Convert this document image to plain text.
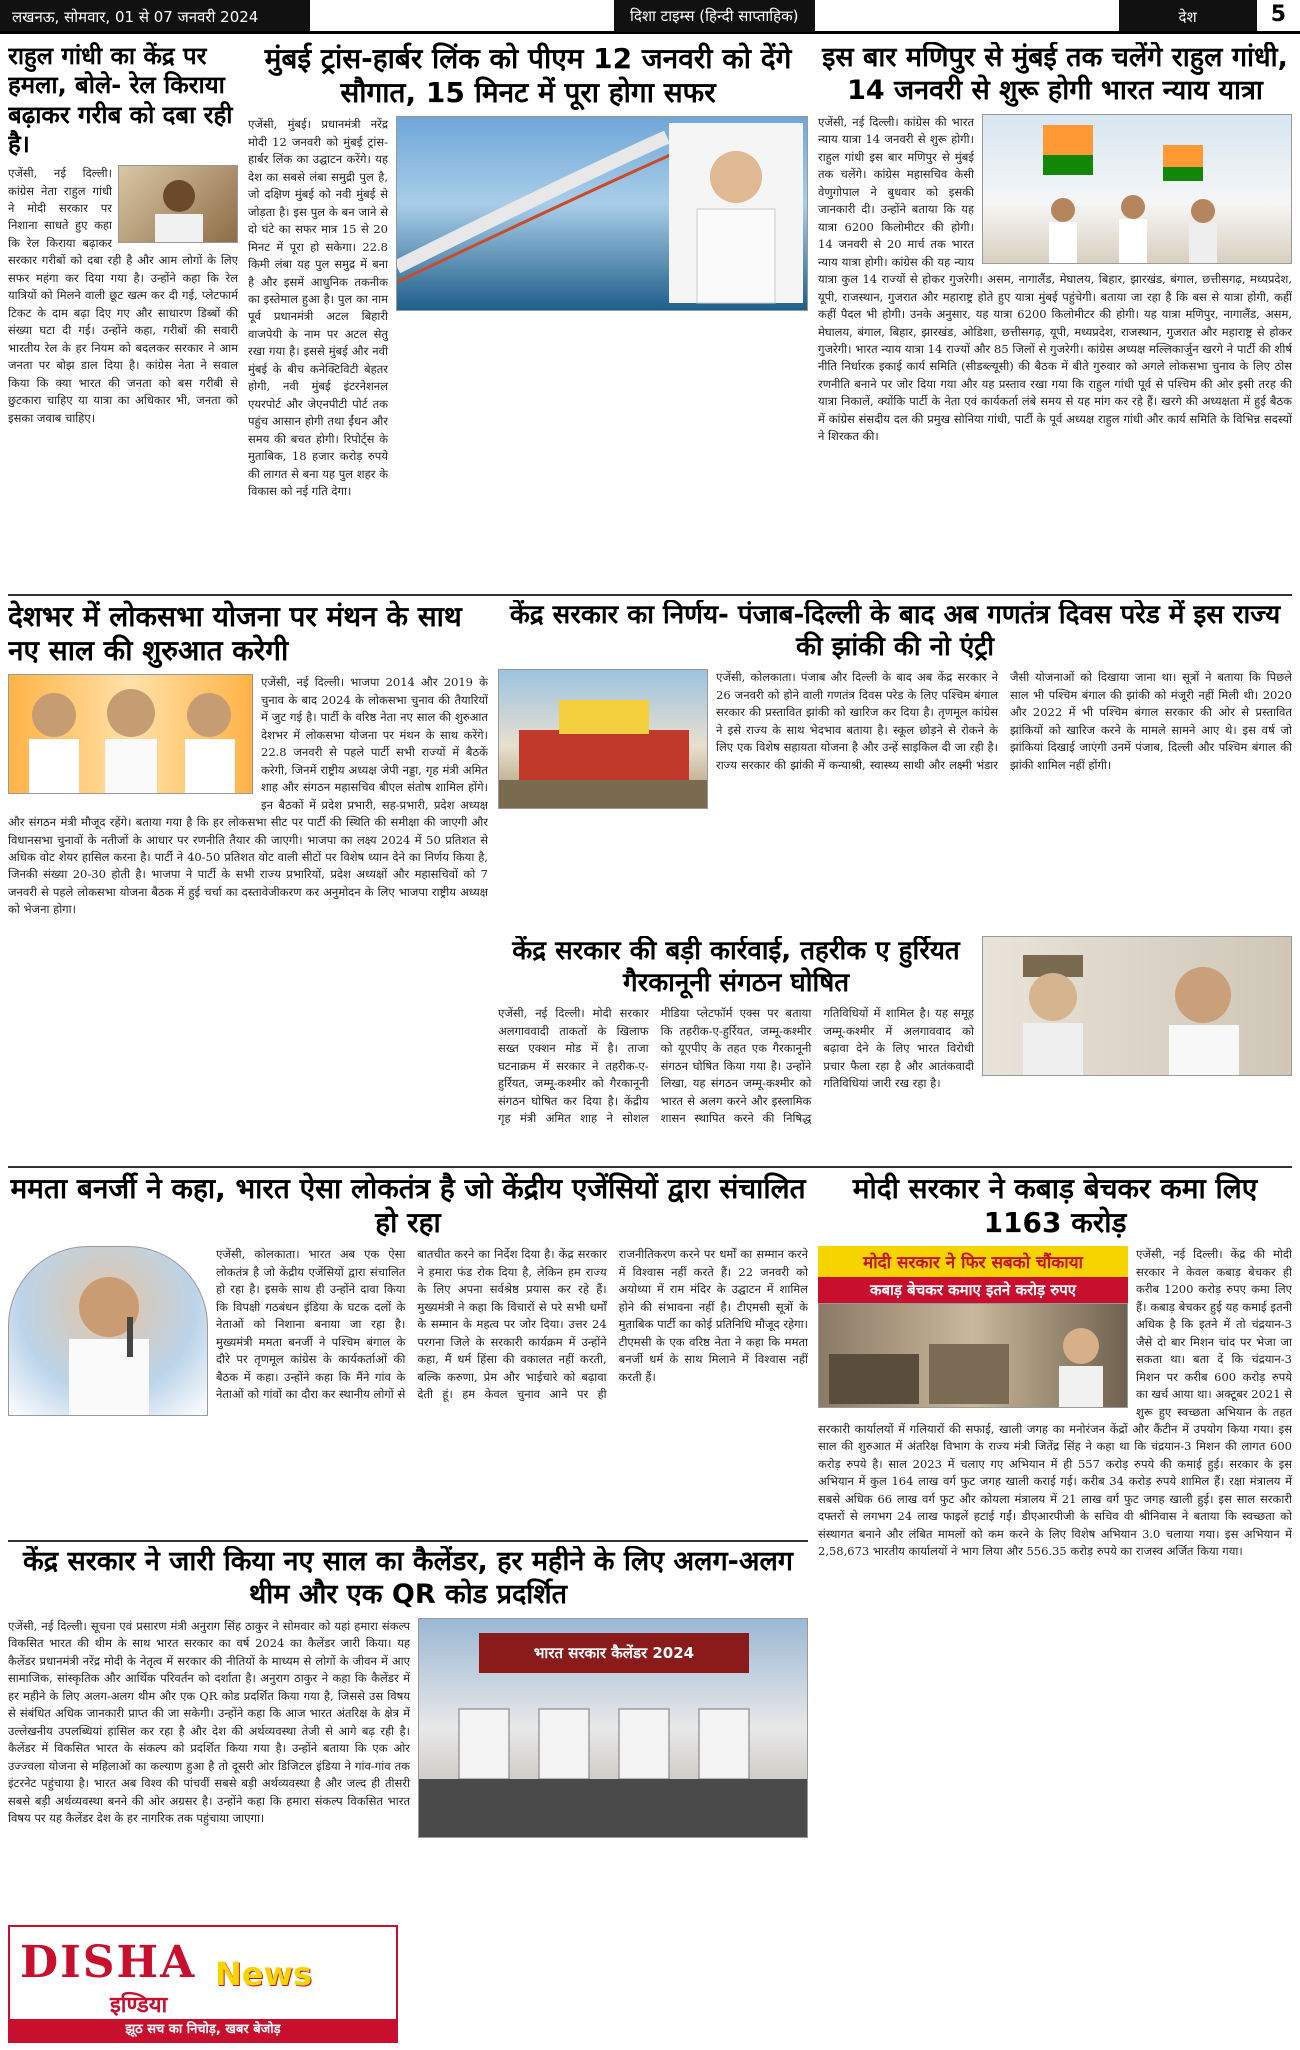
लखनऊ, सोमवार, 01 से 07 जनवरी 2024	दिशा टाइम्स (हिन्दी साप्ताहिक)	देश	5
राहुल गांधी का केंद्र पर हमला, बोले- रेल किराया बढ़ाकर गरीब को दबा रही है।
एजेंसी, नई दिल्ली। कांग्रेस नेता राहुल गांधी ने मोदी सरकार पर निशाना साधते हुए कहा कि रेल किराया बढ़ाकर सरकार गरीबों को दबा रही है और आम लोगों के लिए सफर महंगा कर दिया गया है। उन्होंने कहा कि रेल यात्रियों को मिलने वाली छूट खत्म कर दी गई, प्लेटफार्म टिकट के दाम बढ़ा दिए गए और साधारण डिब्बों की संख्या घटा दी गई। उन्होंने कहा, गरीबों की सवारी भारतीय रेल के हर नियम को बदलकर सरकार ने आम जनता पर बोझ डाल दिया है। कांग्रेस नेता ने सवाल किया कि क्या भारत की जनता को बस गरीबी से छुटकारा चाहिए या यात्रा का अधिकार भी, जनता को इसका जवाब चाहिए।
मुंबई ट्रांस-हार्बर लिंक को पीएम 12 जनवरी को देंगे सौगात, 15 मिनट में पूरा होगा सफर
एजेंसी, मुंबई। प्रधानमंत्री नरेंद्र मोदी 12 जनवरी को मुंबई ट्रांस-हार्बर लिंक का उद्घाटन करेंगे। यह देश का सबसे लंबा समुद्री पुल है, जो दक्षिण मुंबई को नवी मुंबई से जोड़ता है। इस पुल के बन जाने से दो घंटे का सफर मात्र 15 से 20 मिनट में पूरा हो सकेगा। 22.8 किमी लंबा यह पुल समुद्र में बना है और इसमें आधुनिक तकनीक का इस्तेमाल हुआ है। पुल का नाम पूर्व प्रधानमंत्री अटल बिहारी वाजपेयी के नाम पर अटल सेतु रखा गया है। इससे मुंबई और नवी मुंबई के बीच कनेक्टिविटी बेहतर होगी, नवी मुंबई इंटरनेशनल एयरपोर्ट और जेएनपीटी पोर्ट तक पहुंच आसान होगी तथा ईंधन और समय की बचत होगी। रिपोर्ट्स के मुताबिक, 18 हजार करोड़ रुपये की लागत से बना यह पुल शहर के विकास को नई गति देगा।
इस बार मणिपुर से मुंबई तक चलेंगे राहुल गांधी, 14 जनवरी से शुरू होगी भारत न्याय यात्रा
एजेंसी, नई दिल्ली। कांग्रेस की भारत न्याय यात्रा 14 जनवरी से शुरू होगी। राहुल गांधी इस बार मणिपुर से मुंबई तक चलेंगे। कांग्रेस महासचिव केसी वेणुगोपाल ने बुधवार को इसकी जानकारी दी। उन्होंने बताया कि यह यात्रा 6200 किलोमीटर की होगी। 14 जनवरी से 20 मार्च तक भारत न्याय यात्रा होगी। कांग्रेस की यह न्याय यात्रा कुल 14 राज्यों से होकर गुजरेगी। असम, नागालैंड, मेघालय, बिहार, झारखंड, बंगाल, छत्तीसगढ़, मध्यप्रदेश, यूपी, राजस्थान, गुजरात और महाराष्ट्र होते हुए यात्रा मुंबई पहुंचेगी। बताया जा रहा है कि बस से यात्रा होगी, कहीं कहीं पैदल भी होगी। उनके अनुसार, यह यात्रा 6200 किलोमीटर की होगी। यह यात्रा मणिपुर, नागालैंड, असम, मेघालय, बंगाल, बिहार, झारखंड, ओडिशा, छत्तीसगढ़, यूपी, मध्यप्रदेश, राजस्थान, गुजरात और महाराष्ट्र से होकर गुजरेगी। भारत न्याय यात्रा 14 राज्यों और 85 जिलों से गुजरेगी। कांग्रेस अध्यक्ष मल्लिकार्जुन खरगे ने पार्टी की शीर्ष नीति निर्धारक इकाई कार्य समिति (सीडब्ल्यूसी) की बैठक में बीते गुरुवार को अगले लोकसभा चुनाव के लिए ठोस रणनीति बनाने पर जोर दिया गया और यह प्रस्ताव रखा गया कि राहुल गांधी पूर्व से पश्चिम की ओर इसी तरह की यात्रा निकालें, क्योंकि पार्टी के नेता एवं कार्यकर्ता लंबे समय से यह मांग कर रहे हैं। खरगे की अध्यक्षता में हुई बैठक में कांग्रेस संसदीय दल की प्रमुख सोनिया गांधी, पार्टी के पूर्व अध्यक्ष राहुल गांधी और कार्य समिति के विभिन्न सदस्यों ने शिरकत की।
देशभर में लोकसभा योजना पर मंथन के साथ नए साल की शुरुआत करेगी
एजेंसी, नई दिल्ली। भाजपा 2014 और 2019 के चुनाव के बाद 2024 के लोकसभा चुनाव की तैयारियों में जुट गई है। पार्टी के वरिष्ठ नेता नए साल की शुरुआत देशभर में लोकसभा योजना पर मंथन के साथ करेंगे। 22.8 जनवरी से पहले पार्टी सभी राज्यों में बैठकें करेगी, जिनमें राष्ट्रीय अध्यक्ष जेपी नड्डा, गृह मंत्री अमित शाह और संगठन महासचिव बीएल संतोष शामिल होंगे। इन बैठकों में प्रदेश प्रभारी, सह-प्रभारी, प्रदेश अध्यक्ष और संगठन मंत्री मौजूद रहेंगे। बताया गया है कि हर लोकसभा सीट पर पार्टी की स्थिति की समीक्षा की जाएगी और विधानसभा चुनावों के नतीजों के आधार पर रणनीति तैयार की जाएगी। भाजपा का लक्ष्य 2024 में 50 प्रतिशत से अधिक वोट शेयर हासिल करना है। पार्टी ने 40-50 प्रतिशत वोट वाली सीटों पर विशेष ध्यान देने का निर्णय किया है, जिनकी संख्या 20-30 होती है। भाजपा ने पार्टी के सभी राज्य प्रभारियों, प्रदेश अध्यक्षों और महासचिवों को 7 जनवरी से पहले लोकसभा योजना बैठक में हुई चर्चा का दस्तावेजीकरण कर अनुमोदन के लिए भाजपा राष्ट्रीय अध्यक्ष को भेजना होगा।
केंद्र सरकार का निर्णय- पंजाब-दिल्ली के बाद अब गणतंत्र दिवस परेड में इस राज्य की झांकी की नो एंट्री
एजेंसी, कोलकाता। पंजाब और दिल्ली के बाद अब केंद्र सरकार ने 26 जनवरी को होने वाली गणतंत्र दिवस परेड के लिए पश्चिम बंगाल सरकार की प्रस्तावित झांकी को खारिज कर दिया है। तृणमूल कांग्रेस ने इसे राज्य के साथ भेदभाव बताया है। स्कूल छोड़ने से रोकने के लिए एक विशेष सहायता योजना है और उन्हें साइकिल दी जा रही है। राज्य सरकार की झांकी में कन्याश्री, स्वास्थ्य साथी और लक्ष्मी भंडार जैसी योजनाओं को दिखाया जाना था। सूत्रों ने बताया कि पिछले साल भी पश्चिम बंगाल की झांकी को मंजूरी नहीं मिली थी। 2020 और 2022 में भी पश्चिम बंगाल सरकार की ओर से प्रस्तावित झांकियों को खारिज करने के मामले सामने आए थे। इस वर्ष जो झांकियां दिखाई जाएंगी उनमें पंजाब, दिल्ली और पश्चिम बंगाल की झांकी शामिल नहीं होंगी।
केंद्र सरकार की बड़ी कार्रवाई, तहरीक ए हुर्रियत गैरकानूनी संगठन घोषित
एजेंसी, नई दिल्ली। मोदी सरकार अलगाववादी ताकतों के खिलाफ सख्त एक्शन मोड में है। ताजा घटनाक्रम में सरकार ने तहरीक-ए-हुर्रियत, जम्मू-कश्मीर को गैरकानूनी संगठन घोषित कर दिया है। केंद्रीय गृह मंत्री अमित शाह ने सोशल मीडिया प्लेटफॉर्म एक्स पर बताया कि तहरीक-ए-हुर्रियत, जम्मू-कश्मीर को यूएपीए के तहत एक गैरकानूनी संगठन घोषित किया गया है। उन्होंने लिखा, यह संगठन जम्मू-कश्मीर को भारत से अलग करने और इस्लामिक शासन स्थापित करने की निषिद्ध गतिविधियों में शामिल है। यह समूह जम्मू-कश्मीर में अलगाववाद को बढ़ावा देने के लिए भारत विरोधी प्रचार फैला रहा है और आतंकवादी गतिविधियां जारी रख रहा है।
ममता बनर्जी ने कहा, भारत ऐसा लोकतंत्र है जो केंद्रीय एजेंसियों द्वारा संचालित हो रहा
एजेंसी, कोलकाता। भारत अब एक ऐसा लोकतंत्र है जो केंद्रीय एजेंसियों द्वारा संचालित हो रहा है। इसके साथ ही उन्होंने दावा किया कि विपक्षी गठबंधन इंडिया के घटक दलों के नेताओं को निशाना बनाया जा रहा है। मुख्यमंत्री ममता बनर्जी ने पश्चिम बंगाल के दौरे पर तृणमूल कांग्रेस के कार्यकर्ताओं की बैठक में कहा। उन्होंने कहा कि मैंने गांव के नेताओं को गांवों का दौरा कर स्थानीय लोगों से बातचीत करने का निर्देश दिया है। केंद्र सरकार ने हमारा फंड रोक दिया है, लेकिन हम राज्य के लिए अपना सर्वश्रेष्ठ प्रयास कर रहे हैं। मुख्यमंत्री ने कहा कि विचारों से परे सभी धर्मों के सम्मान के महत्व पर जोर दिया। उत्तर 24 परगना जिले के सरकारी कार्यक्रम में उन्होंने कहा, मैं धर्म हिंसा की वकालत नहीं करती, बल्कि करुणा, प्रेम और भाईचारे को बढ़ावा देती हूं। हम केवल चुनाव आने पर ही राजनीतिकरण करने पर धर्मों का सम्मान करने में विश्वास नहीं करते हैं। 22 जनवरी को अयोध्या में राम मंदिर के उद्घाटन में शामिल होने की संभावना नहीं है। टीएमसी सूत्रों के मुताबिक पार्टी का कोई प्रतिनिधि मौजूद रहेगा। टीएमसी के एक वरिष्ठ नेता ने कहा कि ममता बनर्जी धर्म के साथ मिलाने में विश्वास नहीं करती हैं।
मोदी सरकार ने कबाड़ बेचकर कमा लिए 1163 करोड़
मोदी सरकार ने फिर सबको चौंकाया
कबाड़ बेचकर कमाए इतने करोड़ रुपए
एजेंसी, नई दिल्ली। केंद्र की मोदी सरकार ने केवल कबाड़ बेचकर ही करीब 1200 करोड़ रुपए कमा लिए हैं। कबाड़ बेचकर हुई यह कमाई इतनी अधिक है कि इतने में तो चंद्रयान-3 जैसे दो बार मिशन चांद पर भेजा जा सकता था। बता दें कि चंद्रयान-3 मिशन पर करीब 600 करोड़ रुपये का खर्च आया था। अक्टूबर 2021 से शुरू हुए स्वच्छता अभियान के तहत सरकारी कार्यालयों में गलियारों की सफाई, खाली जगह का मनोरंजन केंद्रों और कैंटीन में उपयोग किया गया। इस साल की शुरुआत में अंतरिक्ष विभाग के राज्य मंत्री जितेंद्र सिंह ने कहा था कि चंद्रयान-3 मिशन की लागत 600 करोड़ रुपये है। साल 2023 में चलाए गए अभियान में ही 557 करोड़ रुपये की कमाई हुई। सरकार के इस अभियान में कुल 164 लाख वर्ग फुट जगह खाली कराई गई। करीब 34 करोड़ रुपये शामिल हैं। रक्षा मंत्रालय में सबसे अधिक 66 लाख वर्ग फुट और कोयला मंत्रालय में 21 लाख वर्ग फुट जगह खाली हुई। इस साल सरकारी दफ्तरों से लगभग 24 लाख फाइलें हटाई गईं। डीएआरपीजी के सचिव वी श्रीनिवास ने बताया कि स्वच्छता को संस्थागत बनाने और लंबित मामलों को कम करने के लिए विशेष अभियान 3.0 चलाया गया। इस अभियान में 2,58,673 भारतीय कार्यालयों ने भाग लिया और 556.35 करोड़ रुपये का राजस्व अर्जित किया गया।
केंद्र सरकार ने जारी किया नए साल का कैलेंडर, हर महीने के लिए अलग-अलग थीम और एक QR कोड प्रदर्शित
भारत सरकार कैलेंडर 2024
एजेंसी, नई दिल्ली। सूचना एवं प्रसारण मंत्री अनुराग सिंह ठाकुर ने सोमवार को यहां हमारा संकल्प विकसित भारत की थीम के साथ भारत सरकार का वर्ष 2024 का कैलेंडर जारी किया। यह कैलेंडर प्रधानमंत्री नरेंद्र मोदी के नेतृत्व में सरकार की नीतियों के माध्यम से लोगों के जीवन में आए सामाजिक, सांस्कृतिक और आर्थिक परिवर्तन को दर्शाता है। अनुराग ठाकुर ने कहा कि कैलेंडर में हर महीने के लिए अलग-अलग थीम और एक QR कोड प्रदर्शित किया गया है, जिससे उस विषय से संबंधित अधिक जानकारी प्राप्त की जा सकेगी। उन्होंने कहा कि आज भारत अंतरिक्ष के क्षेत्र में उल्लेखनीय उपलब्धियां हासिल कर रहा है और देश की अर्थव्यवस्था तेजी से आगे बढ़ रही है। कैलेंडर में विकसित भारत के संकल्प को प्रदर्शित किया गया है। उन्होंने बताया कि एक ओर उज्ज्वला योजना से महिलाओं का कल्याण हुआ है तो दूसरी ओर डिजिटल इंडिया ने गांव-गांव तक इंटरनेट पहुंचाया है। भारत अब विश्व की पांचवीं सबसे बड़ी अर्थव्यवस्था है और जल्द ही तीसरी सबसे बड़ी अर्थव्यवस्था बनने की ओर अग्रसर है। उन्होंने कहा कि हमारा संकल्प विकसित भारत विषय पर यह कैलेंडर देश के हर नागरिक तक पहुंचाया जाएगा।
DISHA News
इण्डिया
झूठ सच का निचोड़, खबर बेजोड़
